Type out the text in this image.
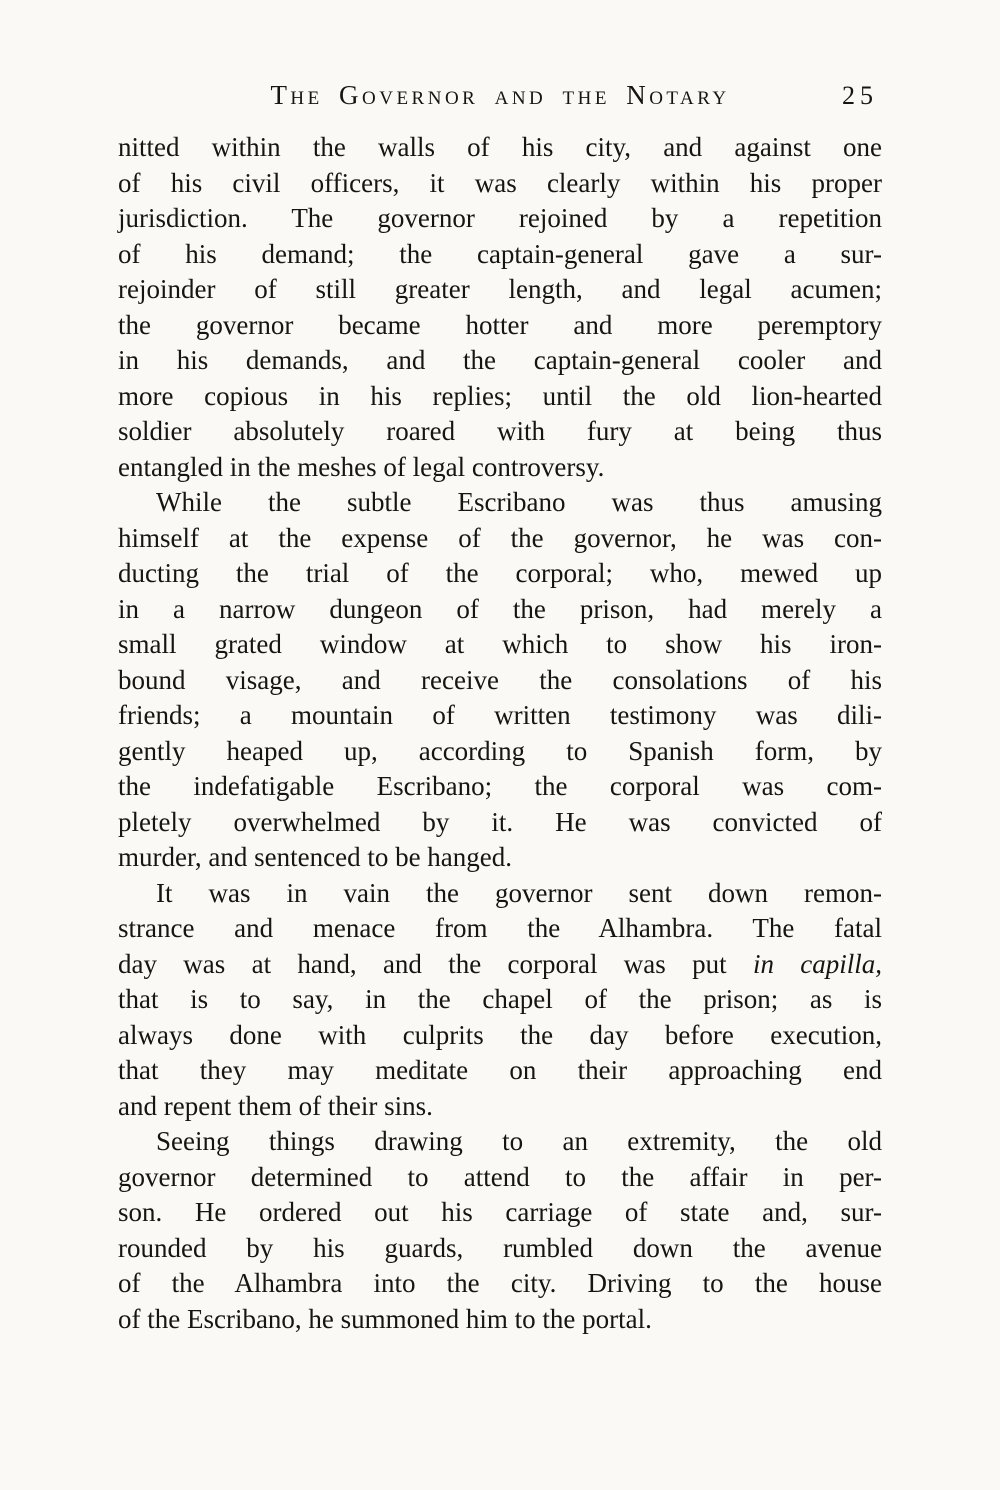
The Governor and the Notary	25
nitted within the walls of his city, and against one
of his civil officers, it was clearly within his proper
jurisdiction. The governor rejoined by a repetition
of his demand; the captain-general gave a sur-
rejoinder of still greater length, and legal acumen;
the governor became hotter and more peremptory
in his demands, and the captain-general cooler and
more copious in his replies; until the old lion-hearted
soldier absolutely roared with fury at being thus
entangled in the meshes of legal controversy.
While the subtle Escribano was thus amusing
himself at the expense of the governor, he was con-
ducting the trial of the corporal; who, mewed up
in a narrow dungeon of the prison, had merely a
small grated window at which to show his iron-
bound visage, and receive the consolations of his
friends; a mountain of written testimony was dili-
gently heaped up, according to Spanish form, by
the indefatigable Escribano; the corporal was com-
pletely overwhelmed by it. He was convicted of
murder, and sentenced to be hanged.
It was in vain the governor sent down remon-
strance and menace from the Alhambra. The fatal
day was at hand, and the corporal was put in capilla,
that is to say, in the chapel of the prison; as is
always done with culprits the day before execution,
that they may meditate on their approaching end
and repent them of their sins.
Seeing things drawing to an extremity, the old
governor determined to attend to the affair in per-
son. He ordered out his carriage of state and, sur-
rounded by his guards, rumbled down the avenue
of the Alhambra into the city. Driving to the house
of the Escribano, he summoned him to the portal.
